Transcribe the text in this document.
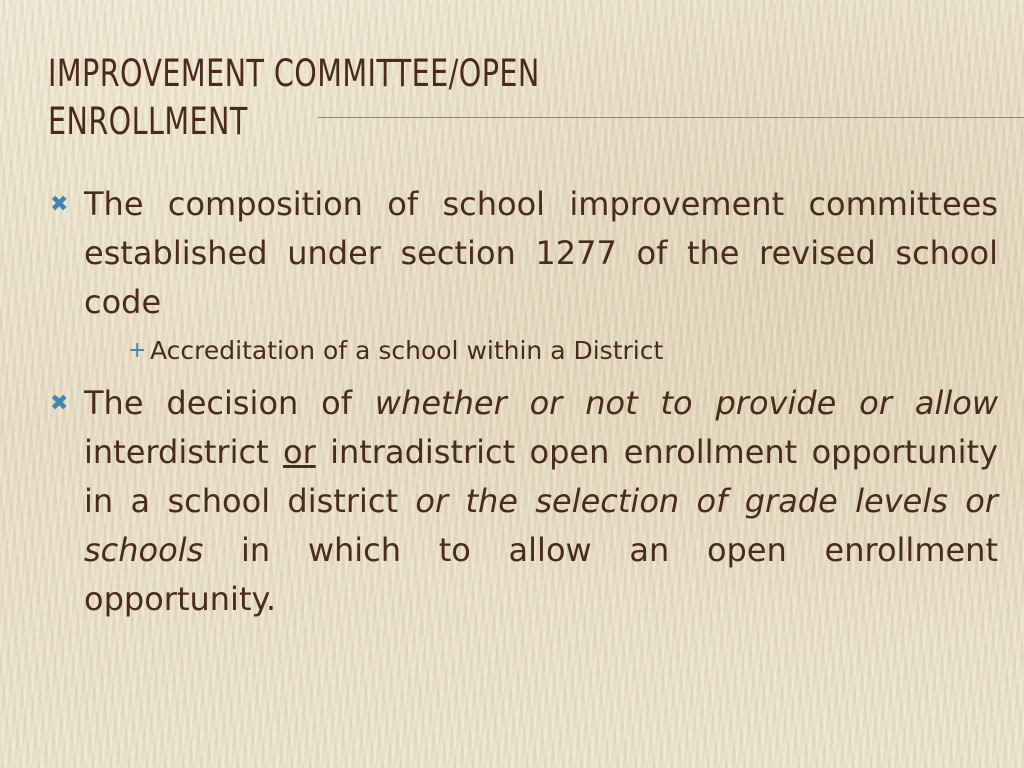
IMPROVEMENT COMMITTEE/OPEN
ENROLLMENT
✖ The composition of school improvement committees established under section 1277 of the revised school code
+ Accreditation of a school within a District
✖ The decision of whether or not to provide or allow interdistrict or intradistrict open enrollment opportunity in a school district or the selection of grade levels or schools in which to allow an open enrollment opportunity.
